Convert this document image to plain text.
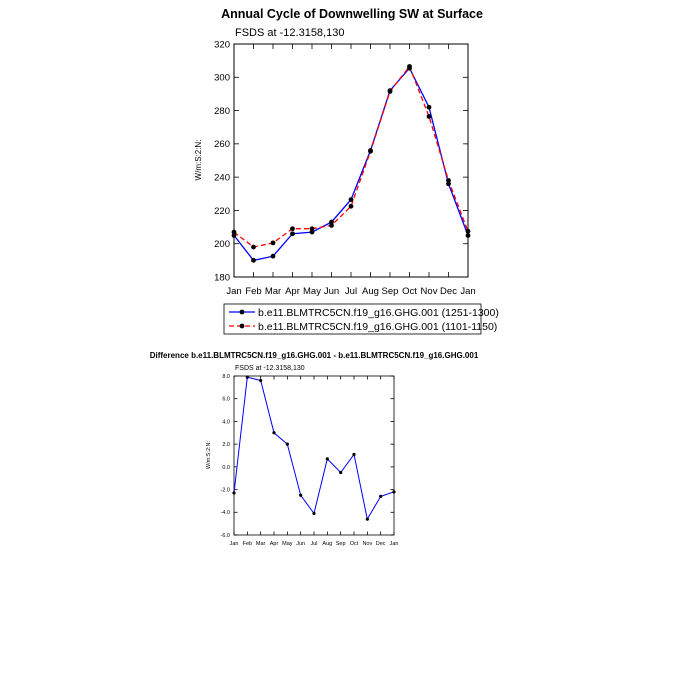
Annual Cycle of Downwelling SW at Surface
FSDS at -12.3158,130
W/m:S:2:N:
180
200
220
240
260
280
300
320
Jan Feb Mar Apr May Jun Jul Aug Sep Oct Nov Dec Jan
b.e11.BLMTRC5CN.f19_g16.GHG.001 (1251-1300)
b.e11.BLMTRC5CN.f19_g16.GHG.001 (1101-1150)
Difference b.e11.BLMTRC5CN.f19_g16.GHG.001 - b.e11.BLMTRC5CN.f19_g16.GHG.001
FSDS at -12.3158,130
W/m:S:2:N:
-6.0
-4.0
-2.0
0.0
2.0
4.0
6.0
8.0
Jan Feb Mar Apr May Jun Jul Aug Sep Oct Nov Dec Jan
